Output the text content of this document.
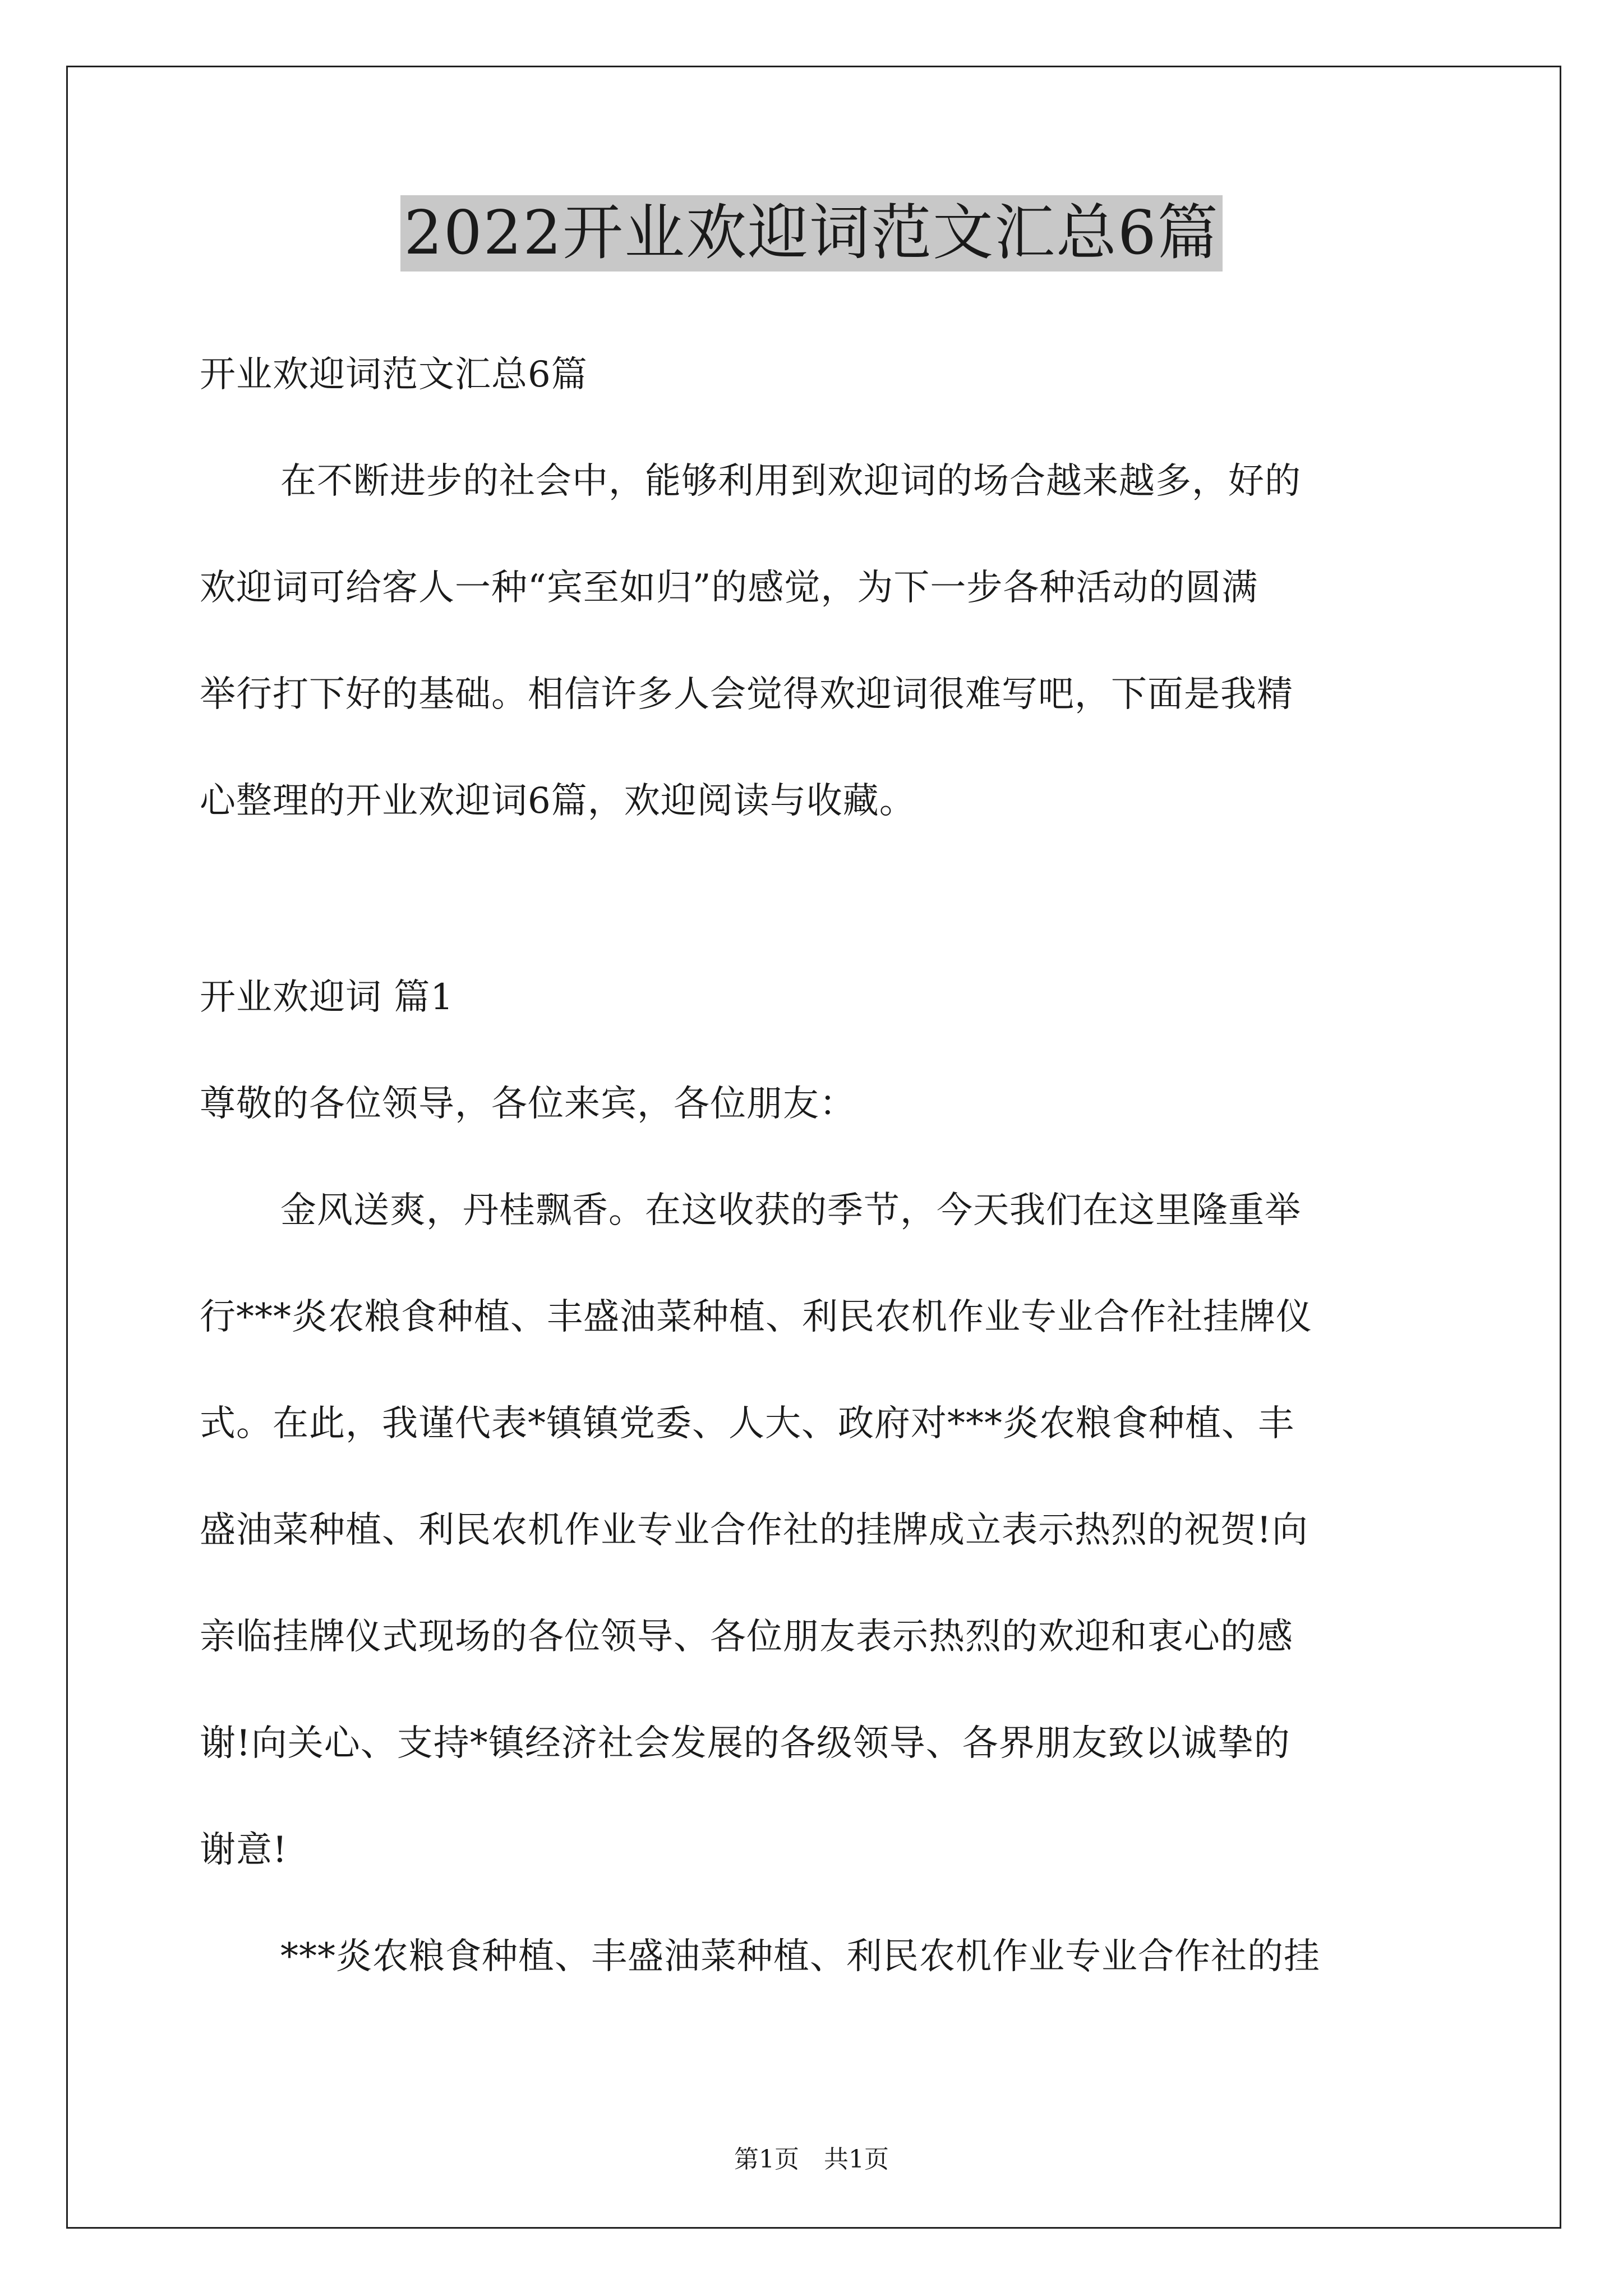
2022开业欢迎词范文汇总6篇
开业欢迎词范文汇总6篇
在不断进步的社会中，能够利用到欢迎词的场合越来越多，好的
欢迎词可给客人一种“宾至如归”的感觉，为下一步各种活动的圆满
举行打下好的基础。相信许多人会觉得欢迎词很难写吧，下面是我精
心整理的开业欢迎词6篇，欢迎阅读与收藏。
开业欢迎词 篇1
尊敬的各位领导，各位来宾，各位朋友：
金风送爽，丹桂飘香。在这收获的季节，今天我们在这里隆重举
行***炎农粮食种植、丰盛油菜种植、利民农机作业专业合作社挂牌仪
式。在此，我谨代表*镇镇党委、人大、政府对***炎农粮食种植、丰
盛油菜种植、利民农机作业专业合作社的挂牌成立表示热烈的祝贺!向
亲临挂牌仪式现场的各位领导、各位朋友表示热烈的欢迎和衷心的感
谢!向关心、支持*镇经济社会发展的各级领导、各界朋友致以诚挚的
谢意!
***炎农粮食种植、丰盛油菜种植、利民农机作业专业合作社的挂
第1页　共1页
